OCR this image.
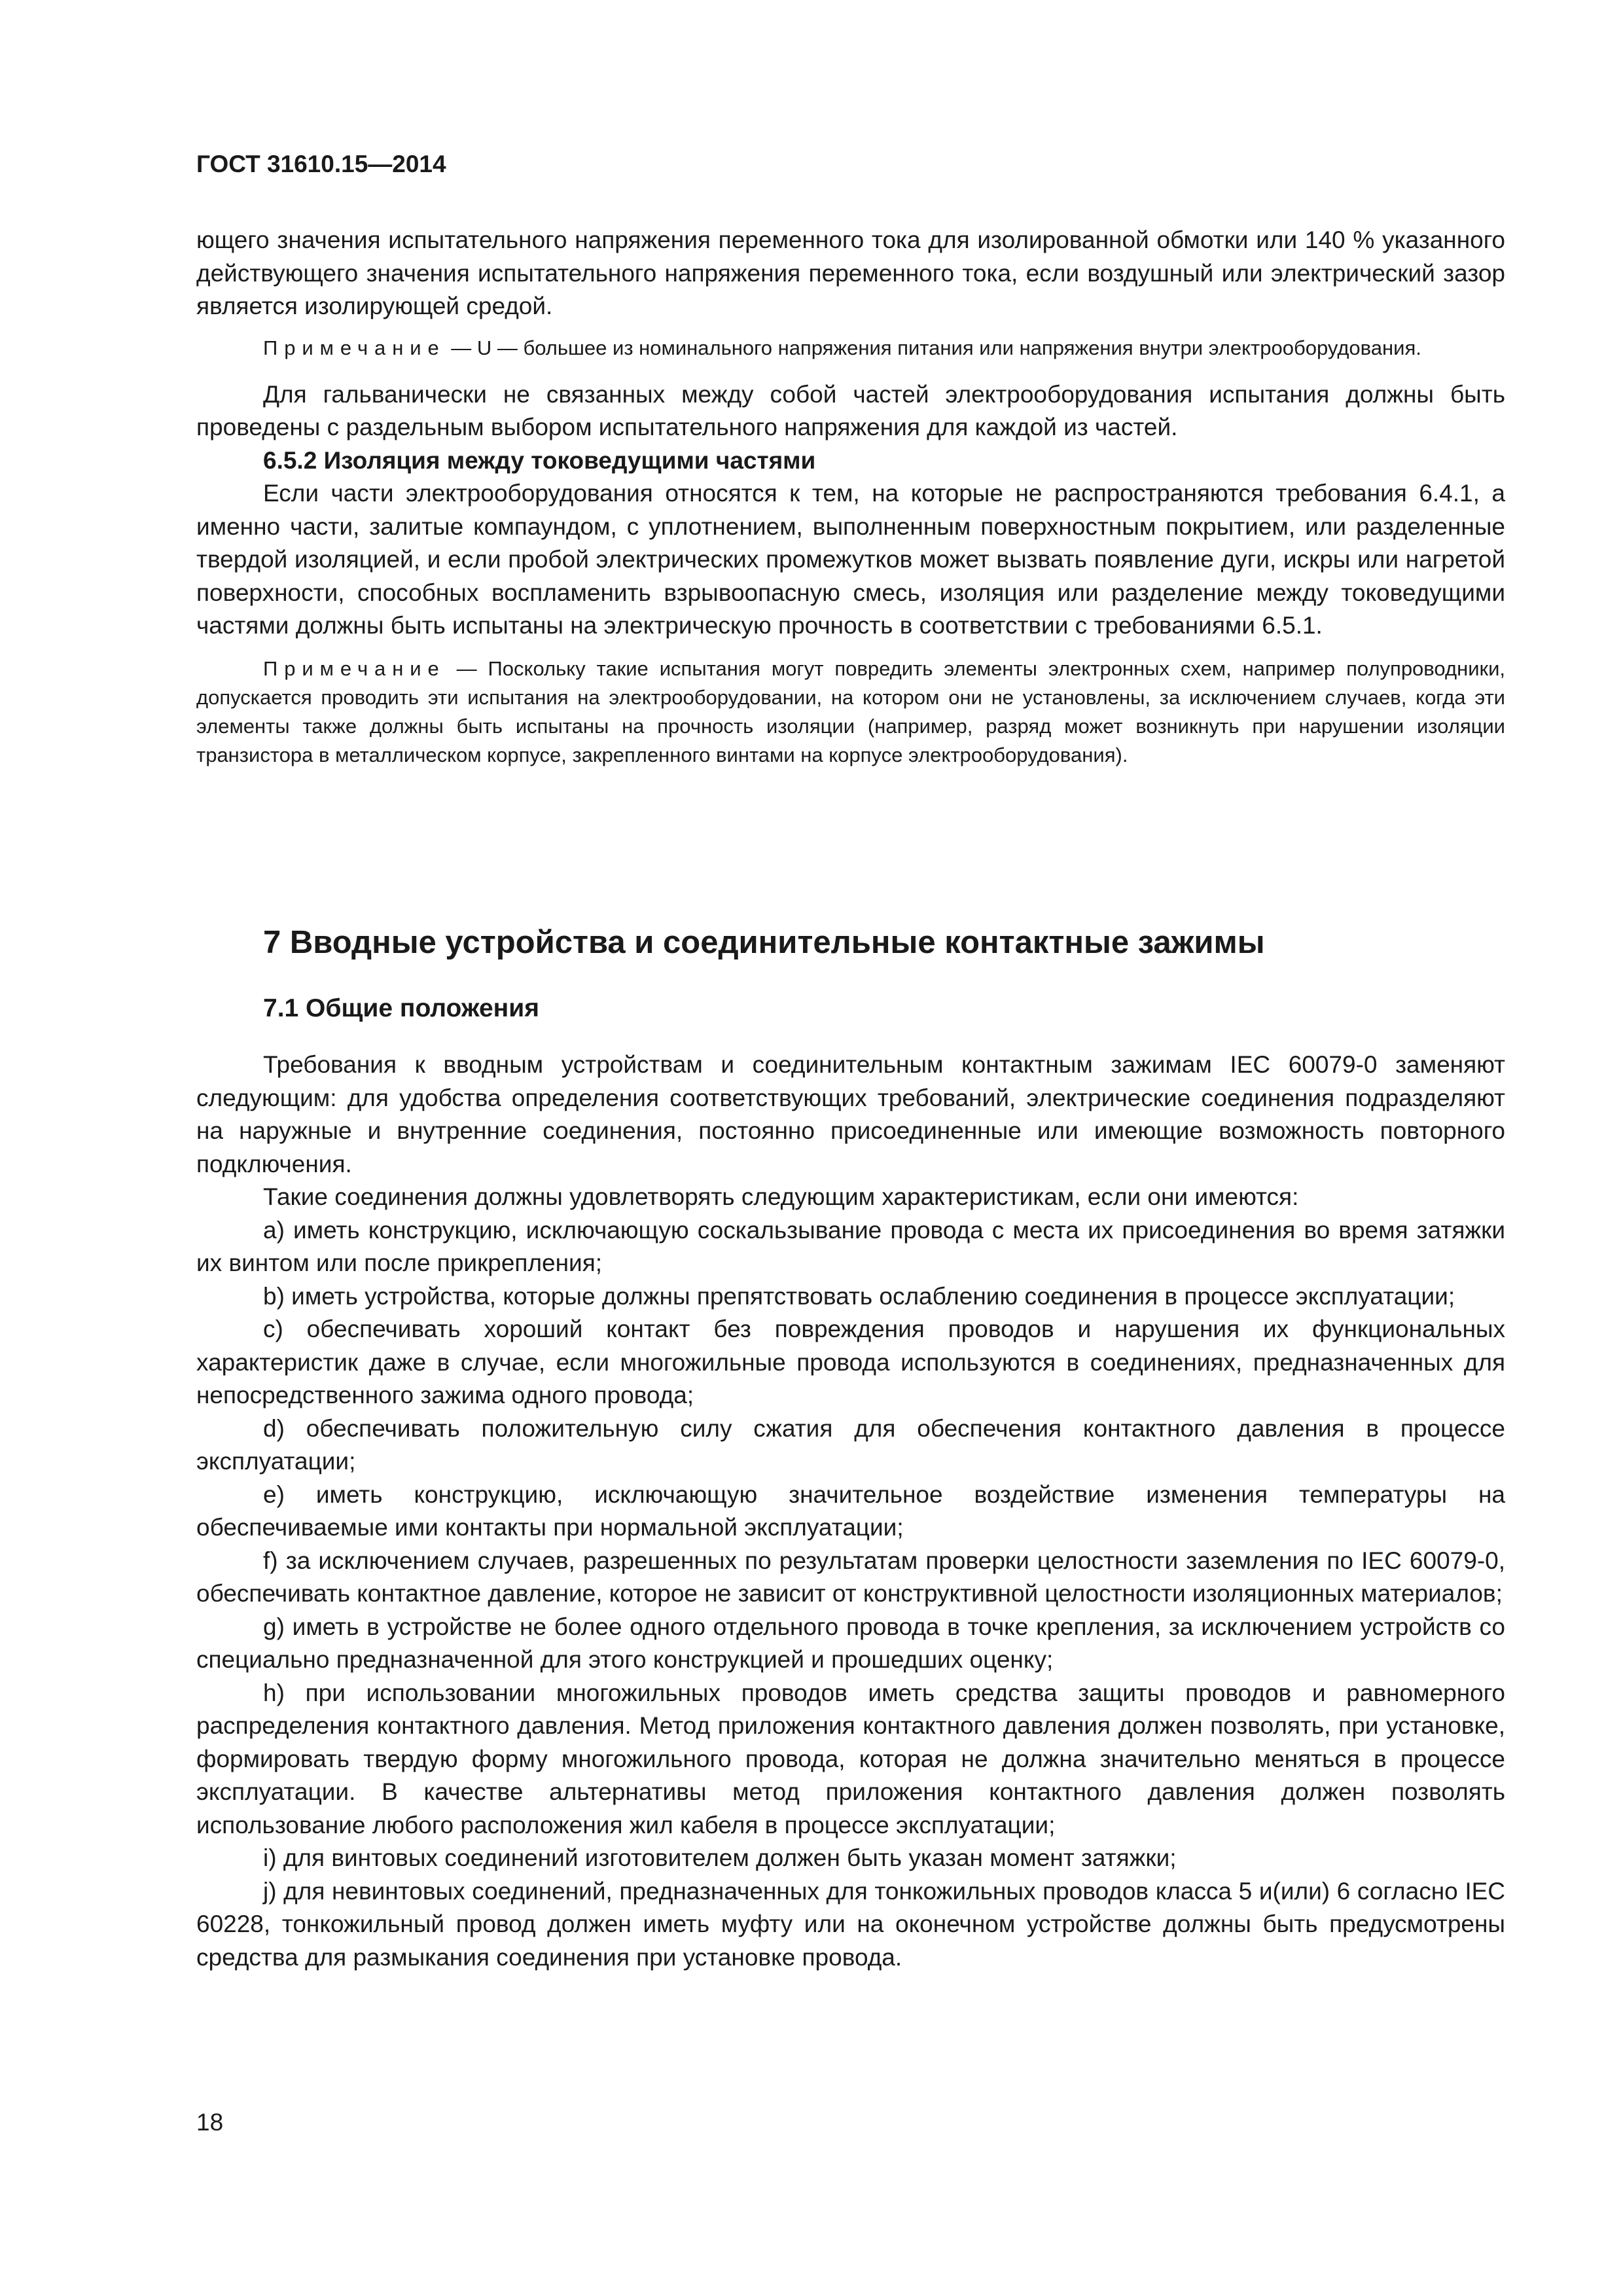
ГОСТ 31610.15—2014

ющего значения испытательного напряжения переменного тока для изолированной обмотки или 140 % указанного действующего значения испытательного напряжения переменного тока, если воздушный или электрический зазор является изолирующей средой.

Примечание — U — большее из номинального напряжения питания или напряжения внутри электрооборудования.

Для гальванически не связанных между собой частей электрооборудования испытания должны быть проведены с раздельным выбором испытательного напряжения для каждой из частей.

6.5.2 Изоляция между токоведущими частями

Если части электрооборудования относятся к тем, на которые не распространяются требования 6.4.1, а именно части, залитые компаундом, с уплотнением, выполненным поверхностным покрытием, или разделенные твердой изоляцией, и если пробой электрических промежутков может вызвать появление дуги, искры или нагретой поверхности, способных воспламенить взрывоопасную смесь, изоляция или разделение между токоведущими частями должны быть испытаны на электрическую прочность в соответствии с требованиями 6.5.1.

Примечание — Поскольку такие испытания могут повредить элементы электронных схем, например полупроводники, допускается проводить эти испытания на электрооборудовании, на котором они не установлены, за исключением случаев, когда эти элементы также должны быть испытаны на прочность изоляции (например, разряд может возникнуть при нарушении изоляции транзистора в металлическом корпусе, закрепленного винтами на корпусе электрооборудования).

7 Вводные устройства и соединительные контактные зажимы

7.1 Общие положения

Требования к вводным устройствам и соединительным контактным зажимам IEC 60079-0 заменяют следующим: для удобства определения соответствующих требований, электрические соединения подразделяют на наружные и внутренние соединения, постоянно присоединенные или имеющие возможность повторного подключения.

Такие соединения должны удовлетворять следующим характеристикам, если они имеются:

а) иметь конструкцию, исключающую соскальзывание провода с места их присоединения во время затяжки их винтом или после прикрепления;

b) иметь устройства, которые должны препятствовать ослаблению соединения в процессе эксплуатации;

c) обеспечивать хороший контакт без повреждения проводов и нарушения их функциональных характеристик даже в случае, если многожильные провода используются в соединениях, предназначенных для непосредственного зажима одного провода;

d) обеспечивать положительную силу сжатия для обеспечения контактного давления в процессе эксплуатации;

e) иметь конструкцию, исключающую значительное воздействие изменения температуры на обеспечиваемые ими контакты при нормальной эксплуатации;

f) за исключением случаев, разрешенных по результатам проверки целостности заземления по IEC 60079-0, обеспечивать контактное давление, которое не зависит от конструктивной целостности изоляционных материалов;

g) иметь в устройстве не более одного отдельного провода в точке крепления, за исключением устройств со специально предназначенной для этого конструкцией и прошедших оценку;

h) при использовании многожильных проводов иметь средства защиты проводов и равномерного распределения контактного давления. Метод приложения контактного давления должен позволять, при установке, формировать твердую форму многожильного провода, которая не должна значительно меняться в процессе эксплуатации. В качестве альтернативы метод приложения контактного давления должен позволять использование любого расположения жил кабеля в процессе эксплуатации;

i) для винтовых соединений изготовителем должен быть указан момент затяжки;

j) для невинтовых соединений, предназначенных для тонкожильных проводов класса 5 и(или) 6 согласно IEC 60228, тонкожильный провод должен иметь муфту или на оконечном устройстве должны быть предусмотрены средства для размыкания соединения при установке провода.

18
